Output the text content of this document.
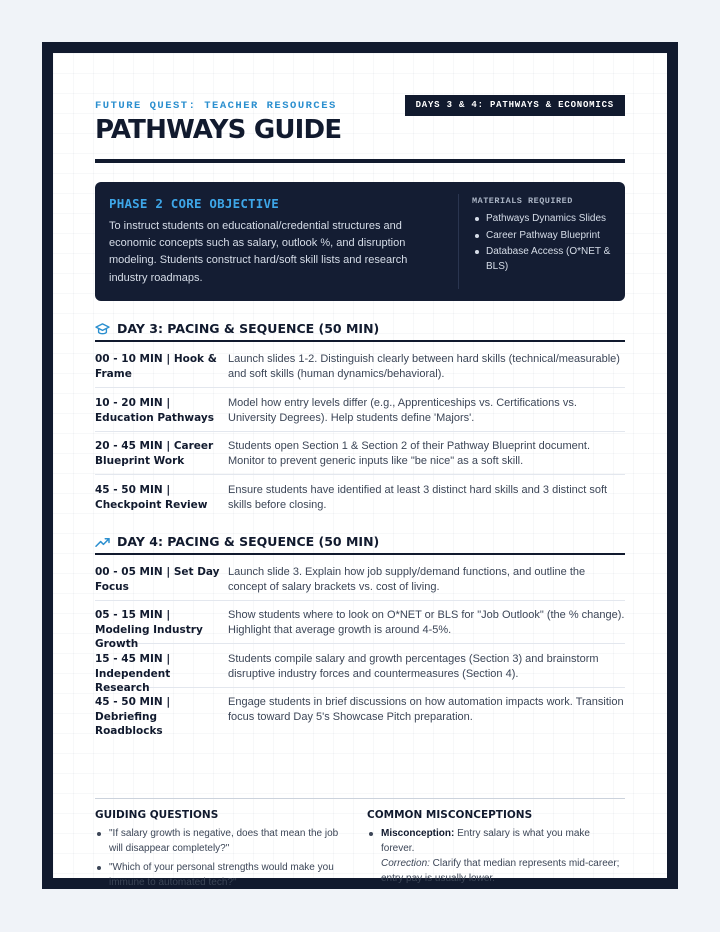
FUTURE QUEST: TEACHER RESOURCES	DAYS 3 & 4: PATHWAYS & ECONOMICS
PATHWAYS GUIDE
PHASE 2 CORE OBJECTIVE
To instruct students on educational/credential structures and economic concepts such as salary, outlook %, and disruption modeling. Students construct hard/soft skill lists and research industry roadmaps.
MATERIALS REQUIRED
Pathways Dynamics Slides
Career Pathway Blueprint
Database Access (O*NET & BLS)
DAY 3: PACING & SEQUENCE (50 MIN)
00 - 10 MIN | Hook & Frame
Launch slides 1-2. Distinguish clearly between hard skills (technical/measurable) and soft skills (human dynamics/behavioral).
10 - 20 MIN | Education Pathways
Model how entry levels differ (e.g., Apprenticeships vs. Certifications vs. University Degrees). Help students define 'Majors'.
20 - 45 MIN | Career Blueprint Work
Students open Section 1 & Section 2 of their Pathway Blueprint document. Monitor to prevent generic inputs like "be nice" as a soft skill.
45 - 50 MIN | Checkpoint Review
Ensure students have identified at least 3 distinct hard skills and 3 distinct soft skills before closing.
DAY 4: PACING & SEQUENCE (50 MIN)
00 - 05 MIN | Set Day Focus
Launch slide 3. Explain how job supply/demand functions, and outline the concept of salary brackets vs. cost of living.
05 - 15 MIN | Modeling Industry Growth
Show students where to look on O*NET or BLS for "Job Outlook" (the % change). Highlight that average growth is around 4-5%.
15 - 45 MIN | Independent Research
Students compile salary and growth percentages (Section 3) and brainstorm disruptive industry forces and countermeasures (Section 4).
45 - 50 MIN | Debriefing Roadblocks
Engage students in brief discussions on how automation impacts work. Transition focus toward Day 5's Showcase Pitch preparation.
GUIDING QUESTIONS
"If salary growth is negative, does that mean the job will disappear completely?"
"Which of your personal strengths would make you immune to automated tech?"
COMMON MISCONCEPTIONS
Misconception: Entry salary is what you make forever.
Correction: Clarify that median represents mid-career; entry pay is usually lower.
